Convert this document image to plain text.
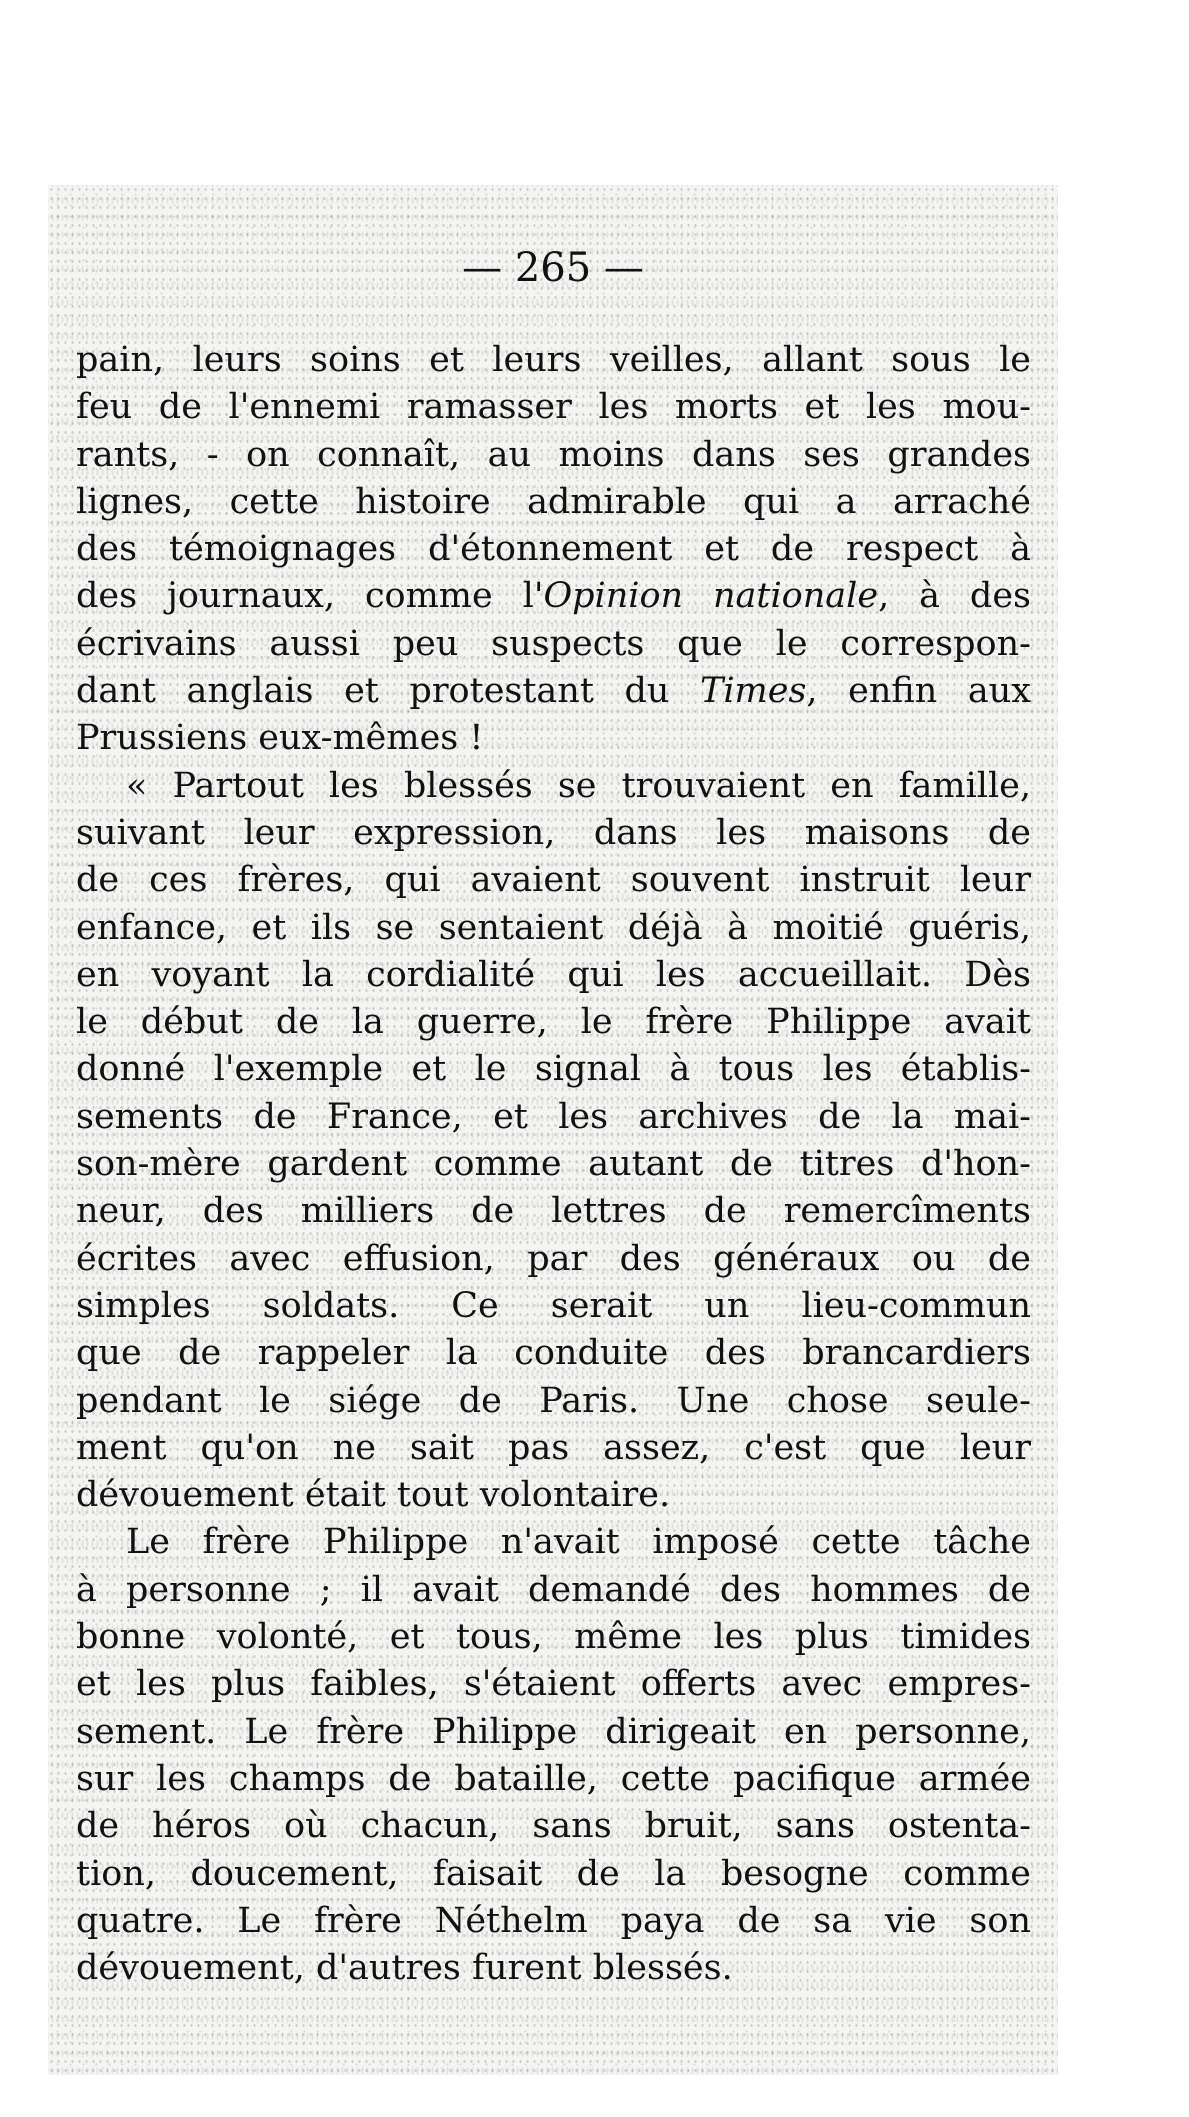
— 265 —

pain, leurs soins et leurs veilles, allant sous le
feu de l'ennemi ramasser les morts et les mou-
rants, - on connaît, au moins dans ses grandes
lignes, cette histoire admirable qui a arraché
des témoignages d'étonnement et de respect à
des journaux, comme l'Opinion nationale, à des
écrivains aussi peu suspects que le correspon-
dant anglais et protestant du Times, enfin aux
Prussiens eux-mêmes !
« Partout les blessés se trouvaient en famille,
suivant leur expression, dans les maisons de
de ces frères, qui avaient souvent instruit leur
enfance, et ils se sentaient déjà à moitié guéris,
en voyant la cordialité qui les accueillait. Dès
le début de la guerre, le frère Philippe avait
donné l'exemple et le signal à tous les établis-
sements de France, et les archives de la mai-
son-mère gardent comme autant de titres d'hon-
neur, des milliers de lettres de remercîments
écrites avec effusion, par des généraux ou de
simples soldats. Ce serait un lieu-commun
que de rappeler la conduite des brancardiers
pendant le siége de Paris. Une chose seule-
ment qu'on ne sait pas assez, c'est que leur
dévouement était tout volontaire.
Le frère Philippe n'avait imposé cette tâche
à personne ; il avait demandé des hommes de
bonne volonté, et tous, même les plus timides
et les plus faibles, s'étaient offerts avec empres-
sement. Le frère Philippe dirigeait en personne,
sur les champs de bataille, cette pacifique armée
de héros où chacun, sans bruit, sans ostenta-
tion, doucement, faisait de la besogne comme
quatre. Le frère Néthelm paya de sa vie son
dévouement, d'autres furent blessés.
